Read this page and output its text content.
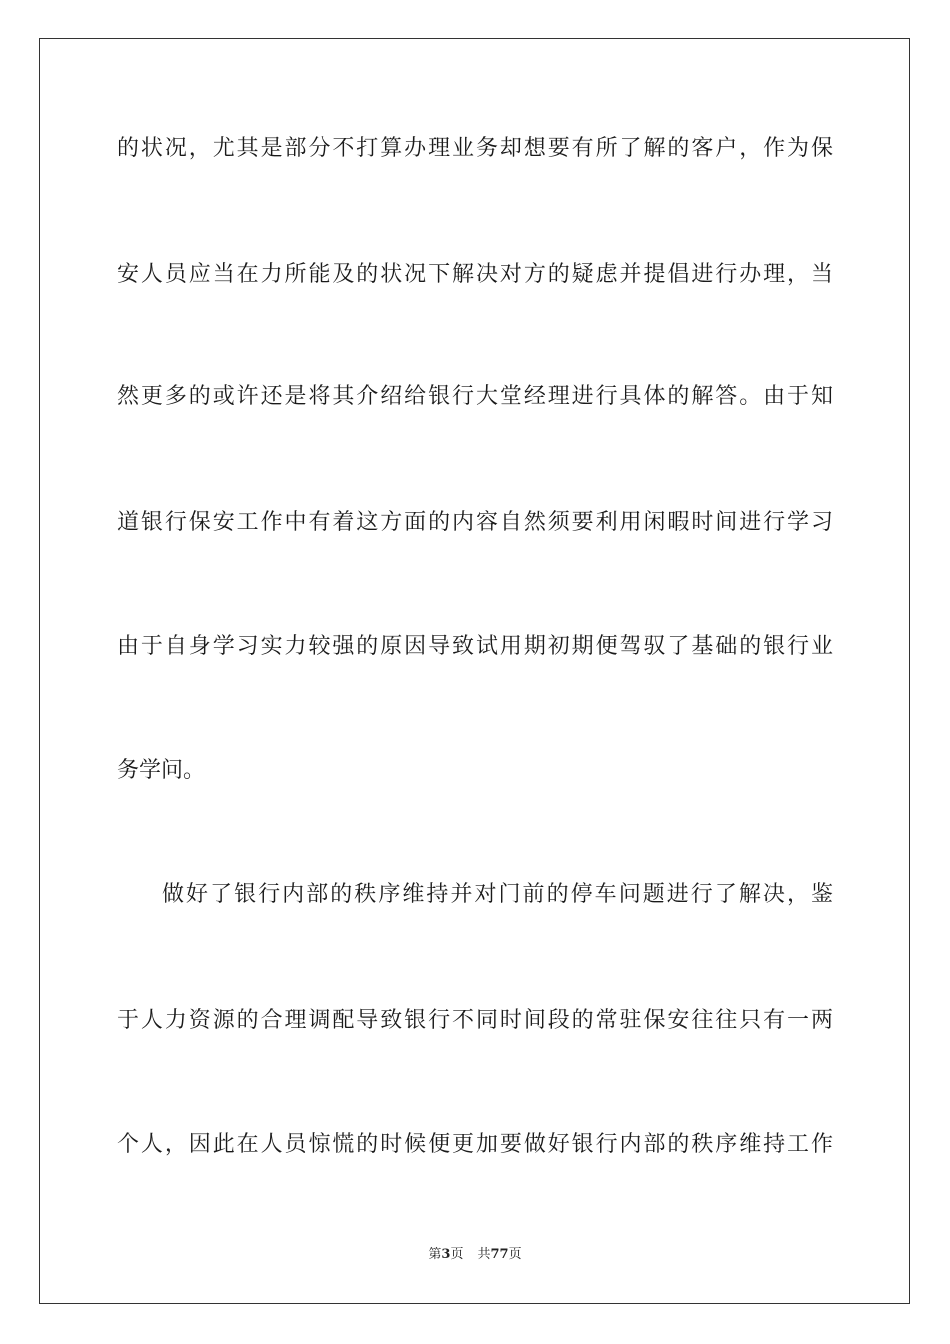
的状况，尤其是部分不打算办理业务却想要有所了解的客户，作为保
安人员应当在力所能及的状况下解决对方的疑虑并提倡进行办理，当
然更多的或许还是将其介绍给银行大堂经理进行具体的解答。由于知
道银行保安工作中有着这方面的内容自然须要利用闲暇时间进行学习
由于自身学习实力较强的原因导致试用期初期便驾驭了基础的银行业
务学问。
做好了银行内部的秩序维持并对门前的停车问题进行了解决，鉴
于人力资源的合理调配导致银行不同时间段的常驻保安往往只有一两
个人，因此在人员惊慌的时候便更加要做好银行内部的秩序维持工作
第3页 共77页
